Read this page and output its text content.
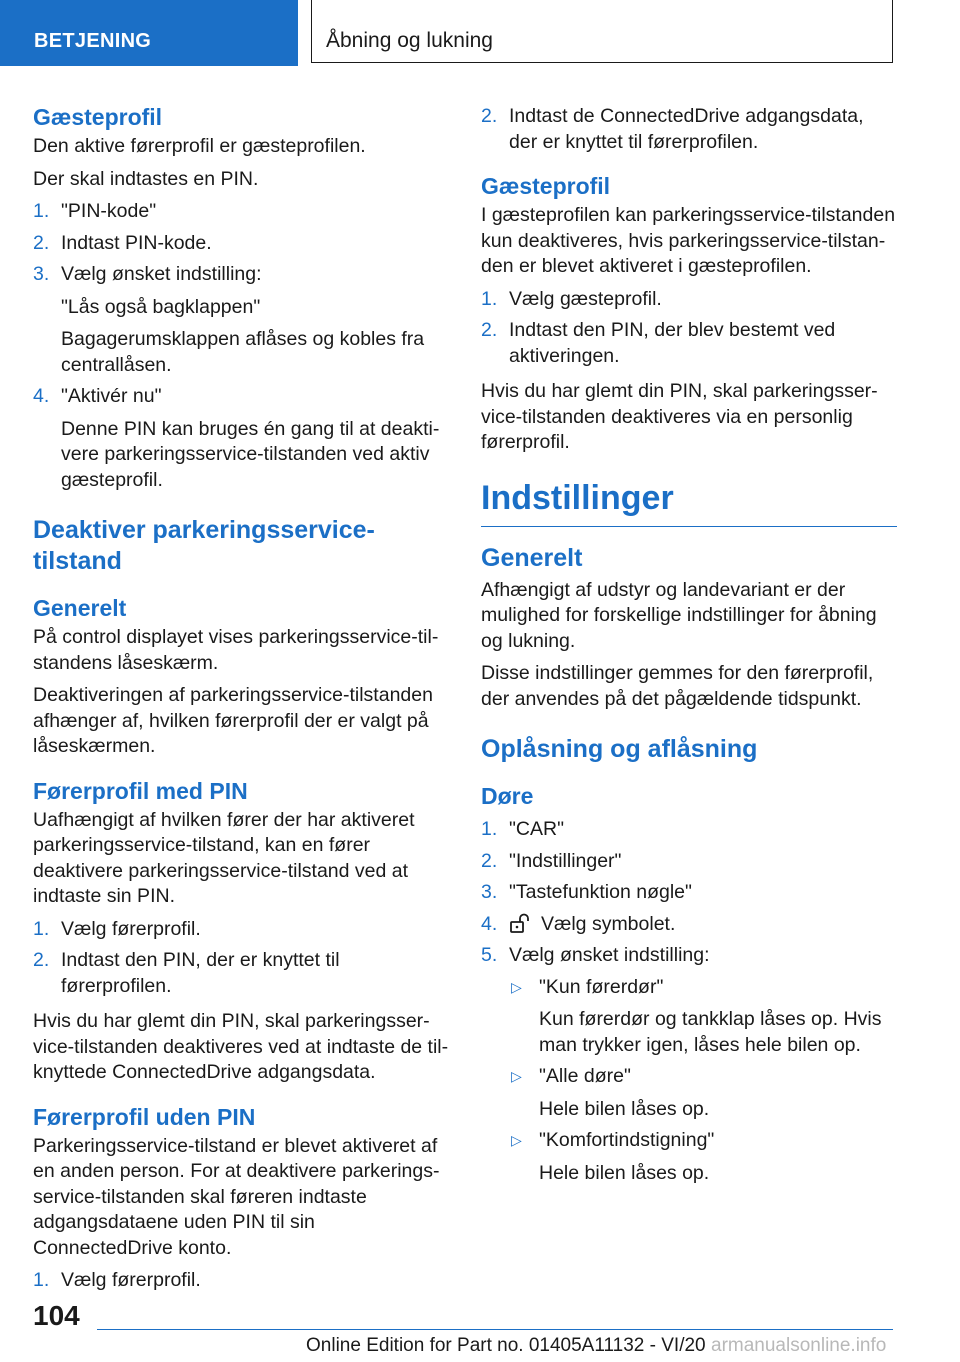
BETJENING	Åbning og lukning
Gæsteprofil

Den aktive førerprofil er gæsteprofilen.

Der skal indtastes en PIN.

1. "PIN-kode"
2. Indtast PIN-kode.
3. Vælg ønsket indstilling:
"Lås også bagklappen"
Bagagerumsklappen aflåses og kobles fra centrallåsen.
4. "Aktivér nu"
Denne PIN kan bruges én gang til at deaktivere parkeringsservice-tilstanden ved aktiv gæsteprofil.
Deaktiver parkeringsservice-tilstand
Generelt

På control displayet vises parkeringsservice-tilstandens låseskærm.

Deaktiveringen af parkeringsservice-tilstanden afhænger af, hvilken førerprofil der er valgt på låseskærmen.

Førerprofil med PIN

Uafhængigt af hvilken fører der har aktiveret parkeringsservice-tilstand, kan en fører deaktivere parkeringsservice-tilstand ved at indtaste sin PIN.

1. Vælg førerprofil.
2. Indtast den PIN, der er knyttet til førerprofilen.

Hvis du har glemt din PIN, skal parkeringsservice-tilstanden deaktiveres ved at indtaste de tilknyttede ConnectedDrive adgangsdata.

Førerprofil uden PIN

Parkeringsservice-tilstand er blevet aktiveret af en anden person. For at deaktivere parkeringsservice-tilstanden skal føreren indtaste adgangsdataene uden PIN til sin ConnectedDrive konto.

1. Vælg førerprofil.
2. Indtast de ConnectedDrive adgangsdata, der er knyttet til førerprofilen.
Gæsteprofil

I gæsteprofilen kan parkeringsservice-tilstanden kun deaktiveres, hvis parkeringsservice-tilstanden er blevet aktiveret i gæsteprofilen.

1. Vælg gæsteprofil.
2. Indtast den PIN, der blev bestemt ved aktiveringen.

Hvis du har glemt din PIN, skal parkeringsservice-tilstanden deaktiveres via en personlig førerprofil.

Indstillinger
Generelt

Afhængigt af udstyr og landevariant er der mulighed for forskellige indstillinger for åbning og lukning.

Disse indstillinger gemmes for den førerprofil, der anvendes på det pågældende tidspunkt.

Oplåsning og aflåsning
Døre
1. "CAR"
2. "Indstillinger"
3. "Tastefunktion nøgle"
4. Vælg symbolet.
5. Vælg ønsket indstilling:
▷ "Kun førerdør"
Kun førerdør og tankklap låses op. Hvis man trykker igen, låses hele bilen op.
▷ "Alle døre"
Hele bilen låses op.
▷ "Komfortindstigning"
Hele bilen låses op.
104
Online Edition for Part no. 01405A11132 - VI/20 armanualsonline.info
